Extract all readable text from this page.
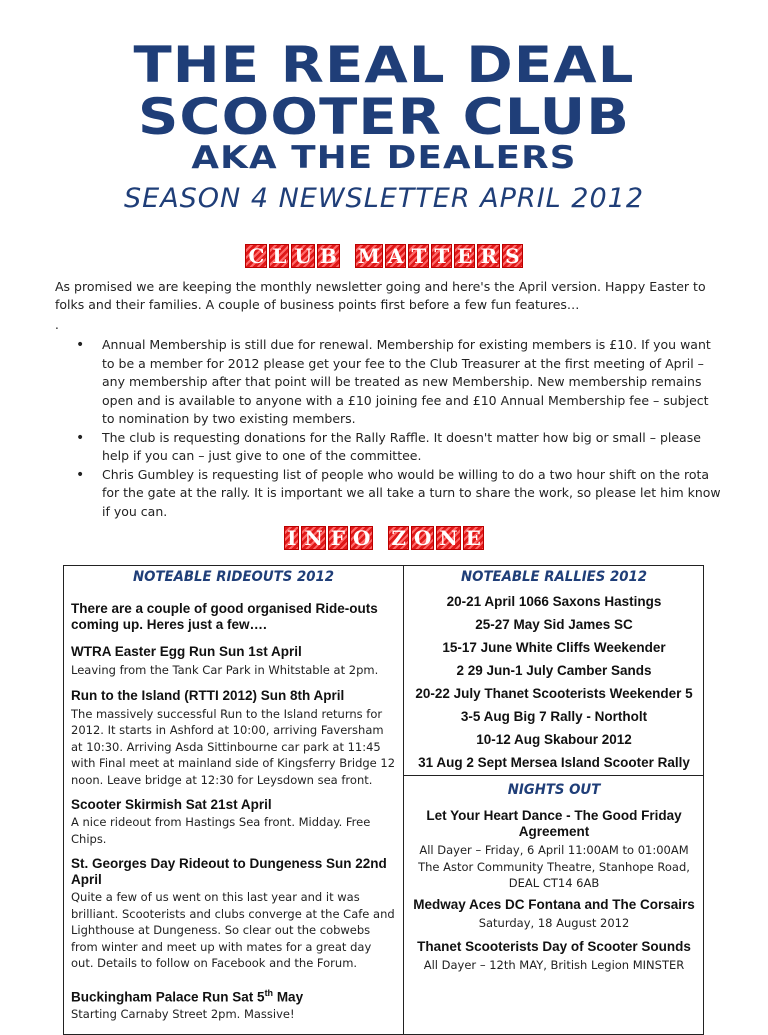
THE REAL DEAL
SCOOTER CLUB
AKA THE DEALERS
SEASON 4 NEWSLETTER APRIL 2012
C L U B M A T T E R S
As promised we are keeping the monthly newsletter going and here's the April version. Happy Easter to folks and their families. A couple of business points first before a few fun features…
.
• Annual Membership is still due for renewal. Membership for existing members is £10. If you want to be a member for 2012 please get your fee to the Club Treasurer at the first meeting of April –any membership after that point will be treated as new Membership. New membership remains open and is available to anyone with a £10 joining fee and £10 Annual Membership fee – subject to nomination by two existing members.
• The club is requesting donations for the Rally Raffle. It doesn't matter how big or small – please help if you can – just give to one of the committee.
• Chris Gumbley is requesting list of people who would be willing to do a two hour shift on the rota for the gate at the rally. It is important we all take a turn to share the work, so please let him know if you can.
I N F O Z O N E
NOTEABLE RIDEOUTS 2012
There are a couple of good organised Ride-outs coming up. Heres just a few….
WTRA Easter Egg Run Sun 1st April
Leaving from the Tank Car Park in Whitstable at 2pm.
Run to the Island (RTTI 2012) Sun 8th April
The massively successful Run to the Island returns for 2012. It starts in Ashford at 10:00, arriving Faversham at 10:30. Arriving Asda Sittinbourne car park at 11:45 with Final meet at mainland side of Kingsferry Bridge 12 noon. Leave bridge at 12:30 for Leysdown sea front.
Scooter Skirmish Sat 21st April
A nice rideout from Hastings Sea front. Midday. Free Chips.
St. Georges Day Rideout to Dungeness Sun 22nd April
Quite a few of us went on this last year and it was brilliant. Scooterists and clubs converge at the Cafe and Lighthouse at Dungeness. So clear out the cobwebs from winter and meet up with mates for a great day out. Details to follow on Facebook and the Forum.
Buckingham Palace Run Sat 5th May
Starting Carnaby Street 2pm. Massive!
NOTEABLE RALLIES 2012
20-21 April 1066 Saxons Hastings
25-27 May Sid James SC
15-17 June White Cliffs Weekender
2 29 Jun-1 July Camber Sands
20-22 July Thanet Scooterists Weekender 5
3-5 Aug Big 7 Rally - Northolt
10-12 Aug Skabour 2012
31 Aug 2 Sept Mersea Island Scooter Rally
NIGHTS OUT
Let Your Heart Dance - The Good Friday Agreement
All Dayer – Friday, 6 April 11:00AM to 01:00AM
The Astor Community Theatre, Stanhope Road, DEAL CT14 6AB
Medway Aces DC Fontana and The Corsairs
Saturday, 18 August 2012
Thanet Scooterists Day of Scooter Sounds
All Dayer – 12th MAY, British Legion MINSTER
